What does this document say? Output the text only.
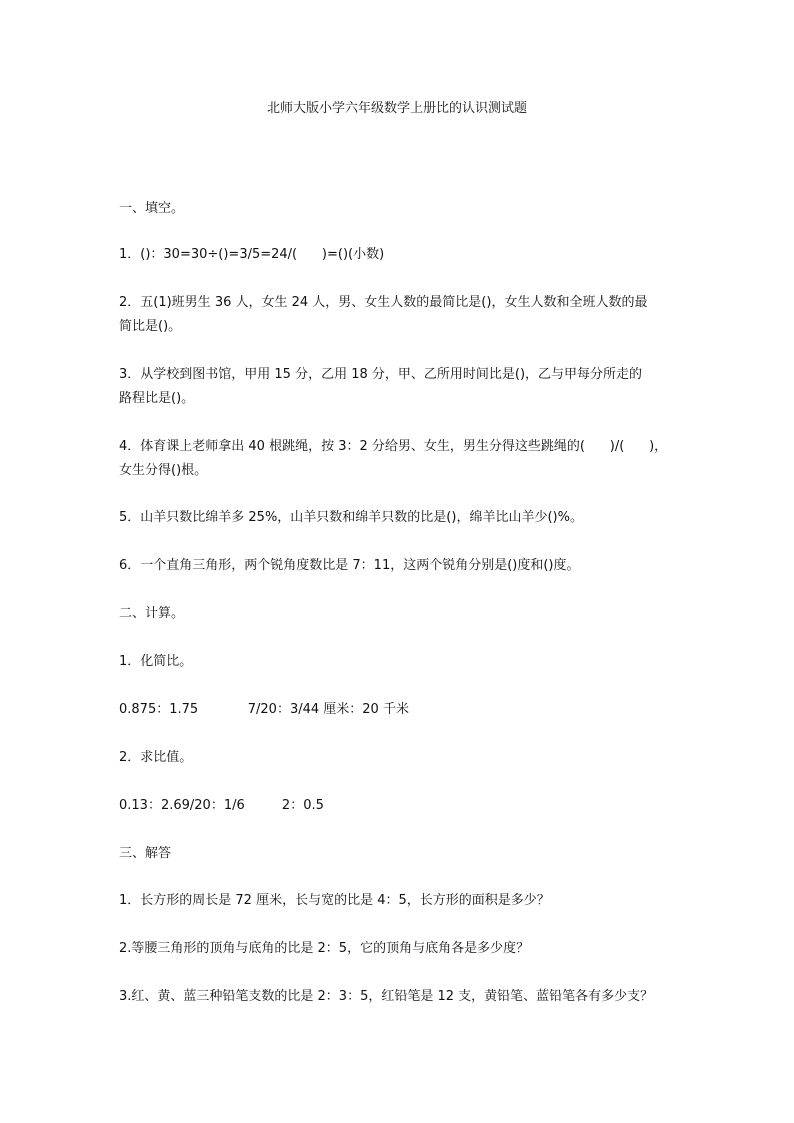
北师大版小学六年级数学上册比的认识测试题
一、填空。
1．()：30=30÷()=3/5=24/(      )=()(小数)
2．五(1)班男生 36 人，女生 24 人，男、女生人数的最简比是()，女生人数和全班人数的最
简比是()。
3．从学校到图书馆，甲用 15 分，乙用 18 分，甲、乙所用时间比是()，乙与甲每分所走的
路程比是()。
4．体育课上老师拿出 40 根跳绳，按 3：2 分给男、女生，男生分得这些跳绳的(      )/(      )，
女生分得()根。
5．山羊只数比绵羊多 25%，山羊只数和绵羊只数的比是()，绵羊比山羊少()%。
6．一个直角三角形，两个锐角度数比是 7：11，这两个锐角分别是()度和()度。
二、计算。
1．化简比。
0.875：1.75            7/20：3/44 厘米：20 千米
2．求比值。
0.13：2.69/20：1/6         2：0.5
三、解答
1．长方形的周长是 72 厘米，长与宽的比是 4：5，长方形的面积是多少？
2.等腰三角形的顶角与底角的比是 2：5，它的顶角与底角各是多少度？
3.红、黄、蓝三种铅笔支数的比是 2：3：5，红铅笔是 12 支，黄铅笔、蓝铅笔各有多少支？
